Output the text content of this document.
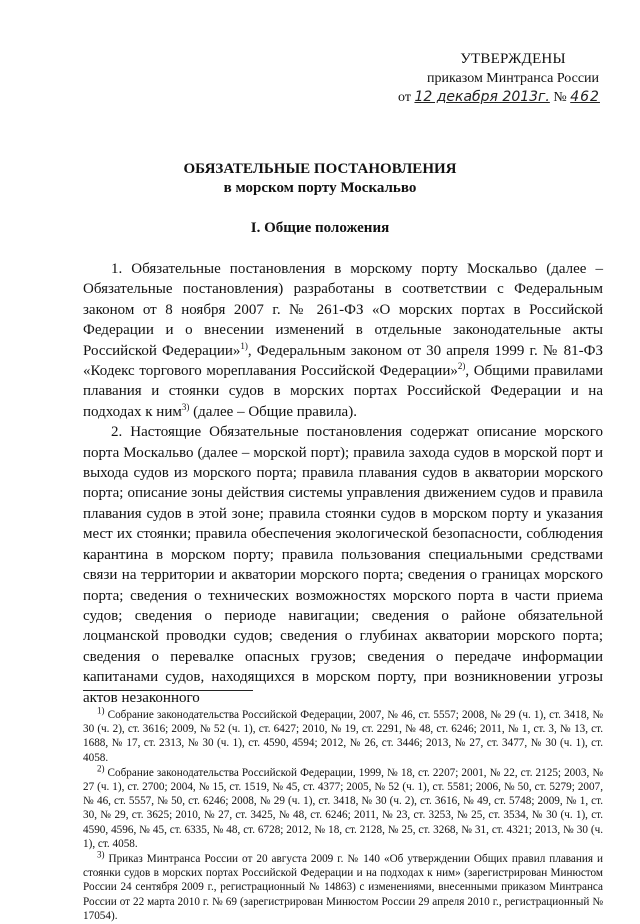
УТВЕРЖДЕНЫ
приказом Минтранса России
от 12 декабря 2013г. № 462
ОБЯЗАТЕЛЬНЫЕ ПОСТАНОВЛЕНИЯ
в морском порту Москальво
I. Общие положения

1. Обязательные постановления в морскому порту Москальво (далее – Обязательные постановления) разработаны в соответствии с Федеральным законом от 8 ноября 2007 г. № 261-ФЗ «О морских портах в Российской Федерации и о внесении изменений в отдельные законодательные акты Российской Федерации»$^{1)}$, Федеральным законом от 30 апреля 1999 г. № 81-ФЗ «Кодекс торгового мореплавания Российской Федерации»$^{2)}$, Общими правилами плавания и стоянки судов в морских портах Российской Федерации и на подходах к ним$^{3)}$ (далее – Общие правила).

2. Настоящие Обязательные постановления содержат описание морского порта Москальво (далее – морской порт); правила захода судов в морской порт и выхода судов из морского порта; правила плавания судов в акватории морского порта; описание зоны действия системы управления движением судов и правила плавания судов в этой зоне; правила стоянки судов в морском порту и указания мест их стоянки; правила обеспечения экологической безопасности, соблюдения карантина в морском порту; правила пользования специальными средствами связи на территории и акватории морского порта; сведения о границах морского порта; сведения о технических возможностях морского порта в части приема судов; сведения о периоде навигации; сведения о районе обязательной лоцманской проводки судов; сведения о глубинах акватории морского порта; сведения о перевалке опасных грузов; сведения о передаче информации капитанами судов, находящихся в морском порту, при возникновении угрозы актов незаконного

$^{1)}$ Собрание законодательства Российской Федерации, 2007, № 46, ст. 5557; 2008, № 29 (ч. 1), ст. 3418, № 30 (ч. 2), ст. 3616; 2009, № 52 (ч. 1), ст. 6427; 2010, № 19, ст. 2291, № 48, ст. 6246; 2011, № 1, ст. 3, № 13, ст. 1688, № 17, ст. 2313, № 30 (ч. 1), ст. 4590, 4594; 2012, № 26, ст. 3446; 2013, № 27, ст. 3477, № 30 (ч. 1), ст. 4058.

$^{2)}$ Собрание законодательства Российской Федерации, 1999, № 18, ст. 2207; 2001, № 22, ст. 2125; 2003, № 27 (ч. 1), ст. 2700; 2004, № 15, ст. 1519, № 45, ст. 4377; 2005, № 52 (ч. 1), ст. 5581; 2006, № 50, ст. 5279; 2007, № 46, ст. 5557, № 50, ст. 6246; 2008, № 29 (ч. 1), ст. 3418, № 30 (ч. 2), ст. 3616, № 49, ст. 5748; 2009, № 1, ст. 30, № 29, ст. 3625; 2010, № 27, ст. 3425, № 48, ст. 6246; 2011, № 23, ст. 3253, № 25, ст. 3534, № 30 (ч. 1), ст. 4590, 4596, № 45, ст. 6335, № 48, ст. 6728; 2012, № 18, ст. 2128, № 25, ст. 3268, № 31, ст. 4321; 2013, № 30 (ч. 1), ст. 4058.

$^{3)}$ Приказ Минтранса России от 20 августа 2009 г. № 140 «Об утверждении Общих правил плавания и стоянки судов в морских портах Российской Федерации и на подходах к ним» (зарегистрирован Минюстом России 24 сентября 2009 г., регистрационный № 14863) с изменениями, внесенными приказом Минтранса России от 22 марта 2010 г. № 69 (зарегистрирован Минюстом России 29 апреля 2010 г., регистрационный № 17054).
